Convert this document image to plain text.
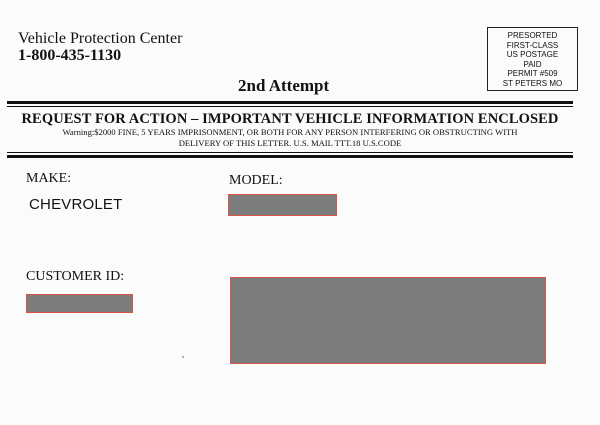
Vehicle Protection Center
1-800-435-1130
2nd Attempt
PRESORTED
FIRST-CLASS
US POSTAGE
PAID
PERMIT #509
ST PETERS MO
REQUEST FOR ACTION – IMPORTANT VEHICLE INFORMATION ENCLOSED
Warning:$2000 FINE, 5 YEARS IMPRISONMENT, OR BOTH FOR ANY PERSON INTERFERING OR OBSTRUCTING WITH
DELIVERY OF THIS LETTER. U.S. MAIL TTT.18 U.S.CODE
MAKE:
CHEVROLET
MODEL:
CUSTOMER ID:
